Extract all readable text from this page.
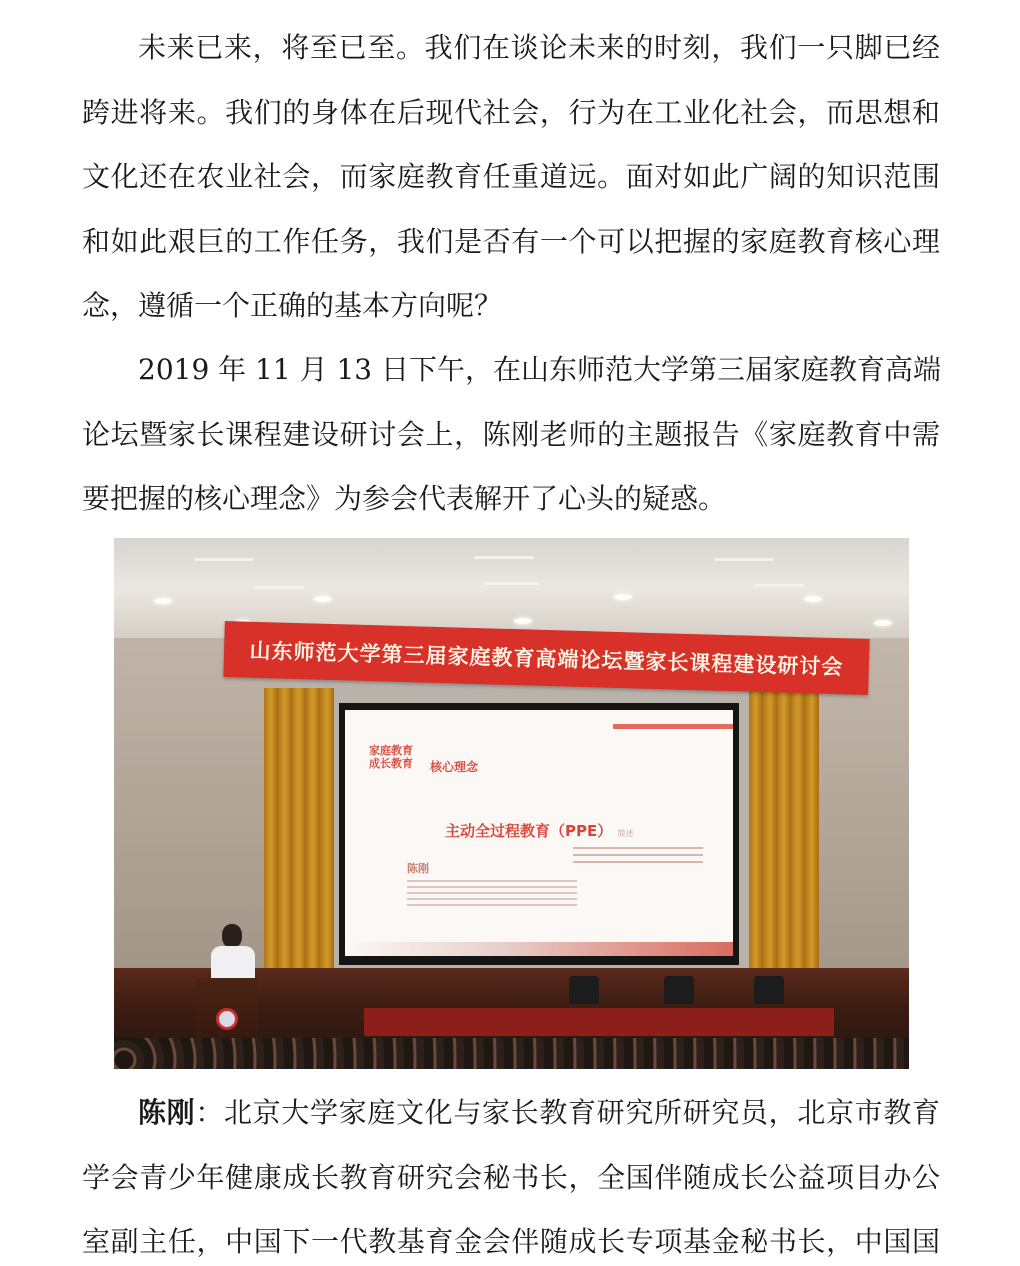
未来已来，将至已至。我们在谈论未来的时刻，我们一只脚已经
跨进将来。我们的身体在后现代社会，行为在工业化社会，而思想和
文化还在农业社会，而家庭教育任重道远。面对如此广阔的知识范围
和如此艰巨的工作任务，我们是否有一个可以把握的家庭教育核心理
念，遵循一个正确的基本方向呢？
2019 年 11 月 13 日下午，在山东师范大学第三届家庭教育高端
论坛暨家长课程建设研讨会上，陈刚老师的主题报告《家庭教育中需
要把握的核心理念》为参会代表解开了心头的疑惑。
山东师范大学第三届家庭教育高端论坛暨家长课程建设研讨会
家庭教育
成长教育 核心理念
主动全过程教育（PPE） 简述
陈刚
陈刚：北京大学家庭文化与家长教育研究所研究员，北京市教育
学会青少年健康成长教育研究会秘书长，全国伴随成长公益项目办公
室副主任，中国下一代教基育金会伴随成长专项基金秘书长，中国国
